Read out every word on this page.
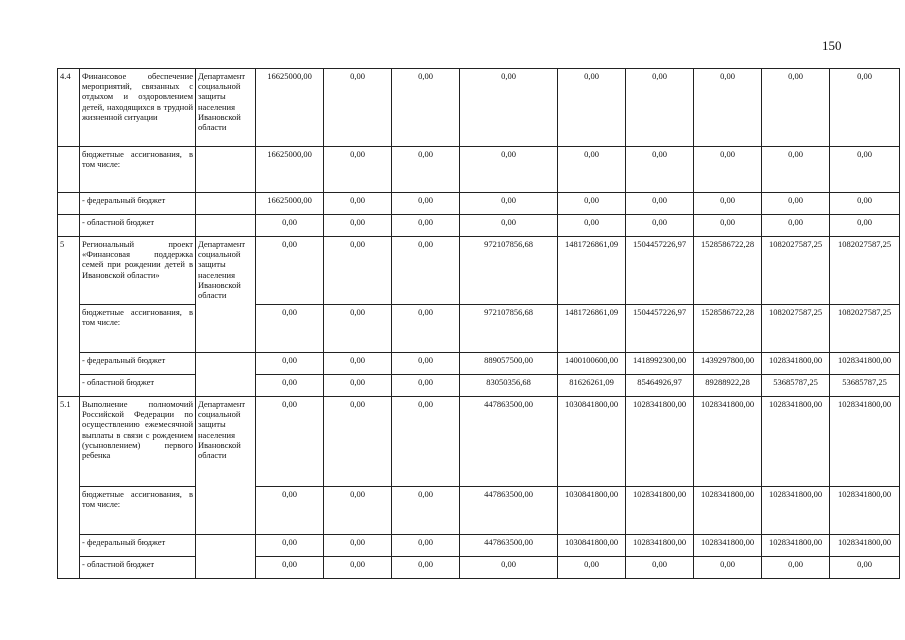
150
4.4	Финансовое обеспечение мероприятий, связанных с отдыхом и оздоровлением детей, находящихся в трудной жизненной ситуации	Департамент социальной защиты населения Ивановской области	16625000,00	0,00	0,00	0,00	0,00	0,00	0,00	0,00	0,00
	бюджетные ассигнования, в том числе:		16625000,00	0,00	0,00	0,00	0,00	0,00	0,00	0,00	0,00
	- федеральный бюджет		16625000,00	0,00	0,00	0,00	0,00	0,00	0,00	0,00	0,00
	- областной бюджет		0,00	0,00	0,00	0,00	0,00	0,00	0,00	0,00	0,00
5	Региональный проект «Финансовая поддержка семей при рождении детей в Ивановской области»	Департамент социальной защиты населения Ивановской области	0,00	0,00	0,00	972107856,68	1481726861,09	1504457226,97	1528586722,28	1082027587,25	1082027587,25
	бюджетные ассигнования, в том числе:		0,00	0,00	0,00	972107856,68	1481726861,09	1504457226,97	1528586722,28	1082027587,25	1082027587,25
	- федеральный бюджет		0,00	0,00	0,00	889057500,00	1400100600,00	1418992300,00	1439297800,00	1028341800,00	1028341800,00
	- областной бюджет		0,00	0,00	0,00	83050356,68	81626261,09	85464926,97	89288922,28	53685787,25	53685787,25
5.1	Выполнение полномочий Российской Федерации по осуществлению ежемесячной выплаты в связи с рождением (усыновлением) первого ребенка	Департамент социальной защиты населения Ивановской области	0,00	0,00	0,00	447863500,00	1030841800,00	1028341800,00	1028341800,00	1028341800,00	1028341800,00
	бюджетные ассигнования, в том числе:		0,00	0,00	0,00	447863500,00	1030841800,00	1028341800,00	1028341800,00	1028341800,00	1028341800,00
	- федеральный бюджет		0,00	0,00	0,00	447863500,00	1030841800,00	1028341800,00	1028341800,00	1028341800,00	1028341800,00
	- областной бюджет		0,00	0,00	0,00	0,00	0,00	0,00	0,00	0,00	0,00
